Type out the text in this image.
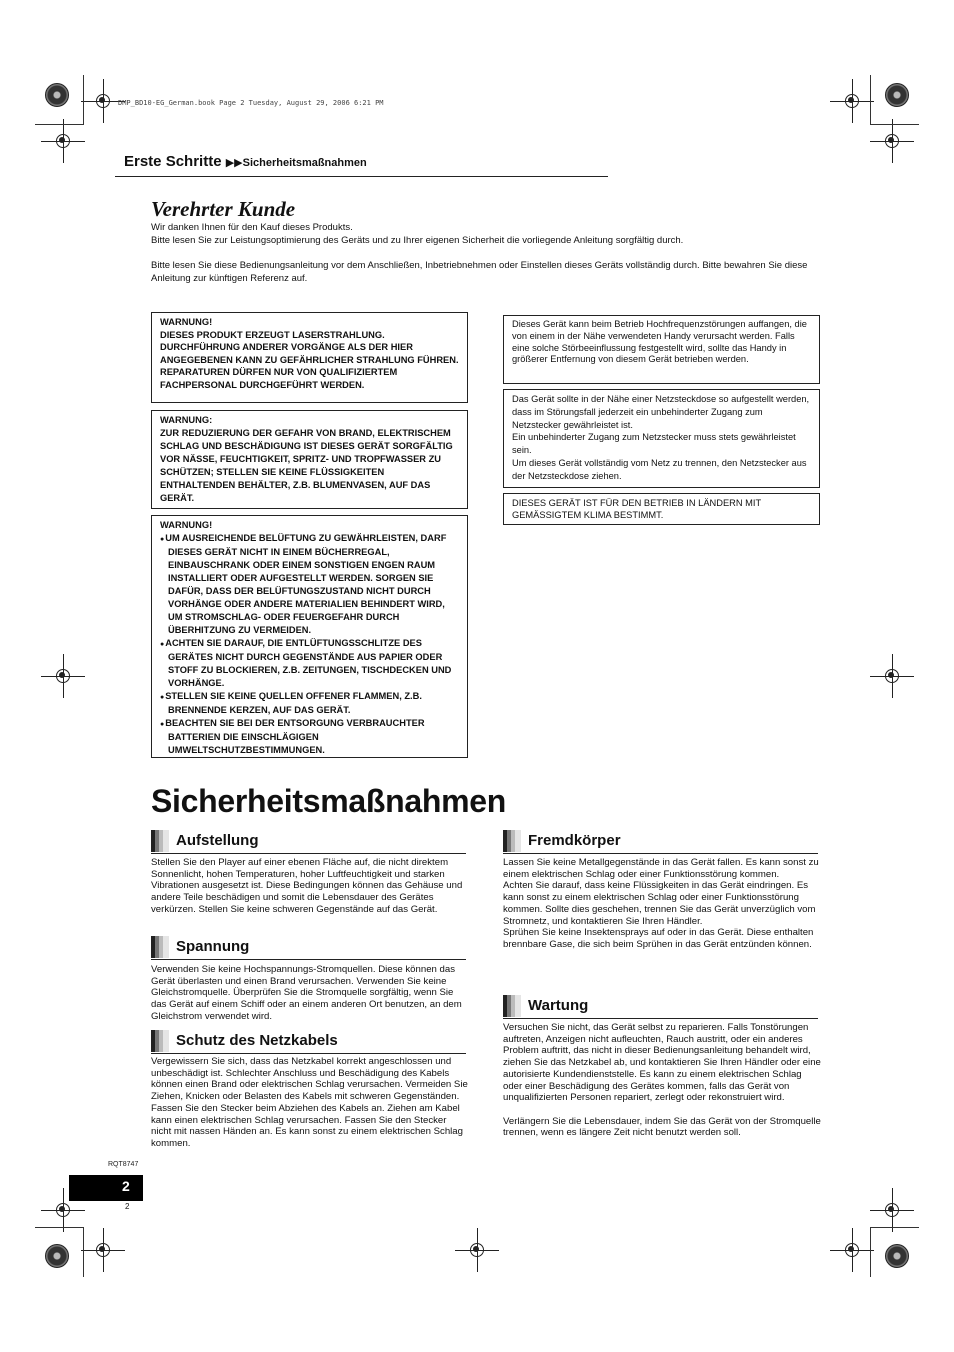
DMP_BD10-EG_German.book Page 2 Tuesday, August 29, 2006 6:21 PM
Erste Schritte ▶▶Sicherheitsmaßnahmen
Verehrter Kunde

Wir danken Ihnen für den Kauf dieses Produkts.

Bitte lesen Sie zur Leistungsoptimierung des Geräts und zu Ihrer eigenen Sicherheit die vorliegende Anleitung sorgfältig durch.

Bitte lesen Sie diese Bedienungsanleitung vor dem Anschließen, Inbetriebnehmen oder Einstellen dieses Geräts vollständig durch. Bitte bewahren Sie diese Anleitung zur künftigen Referenz auf.

WARNUNG!

DIESES PRODUKT ERZEUGT LASERSTRAHLUNG.

DURCHFÜHRUNG ANDERER VORGÄNGE ALS DER HIER ANGEGEBENEN KANN ZU GEFÄHRLICHER STRAHLUNG FÜHREN.

REPARATUREN DÜRFEN NUR VON QUALIFIZIERTEM FACHPERSONAL DURCHGEFÜHRT WERDEN.

WARNUNG:

ZUR REDUZIERUNG DER GEFAHR VON BRAND, ELEKTRISCHEM SCHLAG UND BESCHÄDIGUNG IST DIESES GERÄT SORGFÄLTIG VOR NÄSSE, FEUCHTIGKEIT, SPRITZ- UND TROPFWASSER ZU SCHÜTZEN; STELLEN SIE KEINE FLÜSSIGKEITEN ENTHALTENDEN BEHÄLTER, Z.B. BLUMENVASEN, AUF DAS GERÄT.

WARNUNG!
● UM AUSREICHENDE BELÜFTUNG ZU GEWÄHRLEISTEN, DARF DIESES GERÄT NICHT IN EINEM BÜCHERREGAL, EINBAUSCHRANK ODER EINEM SONSTIGEN ENGEN RAUM INSTALLIERT ODER AUFGESTELLT WERDEN. SORGEN SIE DAFÜR, DASS DER BELÜFTUNGSZUSTAND NICHT DURCH VORHÄNGE ODER ANDERE MATERIALIEN BEHINDERT WIRD, UM STROMSCHLAG- ODER FEUERGEFAHR DURCH ÜBERHITZUNG ZU VERMEIDEN.
● ACHTEN SIE DARAUF, DIE ENTLÜFTUNGSSCHLITZE DES GERÄTES NICHT DURCH GEGENSTÄNDE AUS PAPIER ODER STOFF ZU BLOCKIEREN, Z.B. ZEITUNGEN, TISCHDECKEN UND VORHÄNGE.
● STELLEN SIE KEINE QUELLEN OFFENER FLAMMEN, Z.B. BRENNENDE KERZEN, AUF DAS GERÄT.
● BEACHTEN SIE BEI DER ENTSORGUNG VERBRAUCHTER BATTERIEN DIE EINSCHLÄGIGEN UMWELTSCHUTZBESTIMMUNGEN.

Dieses Gerät kann beim Betrieb Hochfrequenzstörungen auffangen, die von einem in der Nähe verwendeten Handy verursacht werden. Falls eine solche Störbeeinflussung festgestellt wird, sollte das Handy in größerer Entfernung von diesem Gerät betrieben werden.

Das Gerät sollte in der Nähe einer Netzsteckdose so aufgestellt werden, dass im Störungsfall jederzeit ein unbehinderter Zugang zum Netzstecker gewährleistet ist.

Ein unbehinderter Zugang zum Netzstecker muss stets gewährleistet sein.

Um dieses Gerät vollständig vom Netz zu trennen, den Netzstecker aus der Netzsteckdose ziehen.

DIESES GERÄT IST FÜR DEN BETRIEB IN LÄNDERN MIT GEMÄSSIGTEM KLIMA BESTIMMT.

Sicherheitsmaßnahmen
Aufstellung

Stellen Sie den Player auf einer ebenen Fläche auf, die nicht direktem Sonnenlicht, hohen Temperaturen, hoher Luftfeuchtigkeit und starken Vibrationen ausgesetzt ist. Diese Bedingungen können das Gehäuse und andere Teile beschädigen und somit die Lebensdauer des Gerätes verkürzen. Stellen Sie keine schweren Gegenstände auf das Gerät.

Spannung

Verwenden Sie keine Hochspannungs-Stromquellen. Diese können das Gerät überlasten und einen Brand verursachen. Verwenden Sie keine Gleichstromquelle. Überprüfen Sie die Stromquelle sorgfältig, wenn Sie das Gerät auf einem Schiff oder an einem anderen Ort benutzen, an dem Gleichstrom verwendet wird.

Schutz des Netzkabels

Vergewissern Sie sich, dass das Netzkabel korrekt angeschlossen und unbeschädigt ist. Schlechter Anschluss und Beschädigung des Kabels können einen Brand oder elektrischen Schlag verursachen. Vermeiden Sie Ziehen, Knicken oder Belasten des Kabels mit schweren Gegenständen.

Fassen Sie den Stecker beim Abziehen des Kabels an. Ziehen am Kabel kann einen elektrischen Schlag verursachen. Fassen Sie den Stecker nicht mit nassen Händen an. Es kann sonst zu einem elektrischen Schlag kommen.

Fremdkörper

Lassen Sie keine Metallgegenstände in das Gerät fallen. Es kann sonst zu einem elektrischen Schlag oder einer Funktionsstörung kommen.

Achten Sie darauf, dass keine Flüssigkeiten in das Gerät eindringen. Es kann sonst zu einem elektrischen Schlag oder einer Funktionsstörung kommen. Sollte dies geschehen, trennen Sie das Gerät unverzüglich vom Stromnetz, und kontaktieren Sie Ihren Händler.

Sprühen Sie keine Insektensprays auf oder in das Gerät. Diese enthalten brennbare Gase, die sich beim Sprühen in das Gerät entzünden können.

Wartung

Versuchen Sie nicht, das Gerät selbst zu reparieren. Falls Tonstörungen auftreten, Anzeigen nicht aufleuchten, Rauch austritt, oder ein anderes Problem auftritt, das nicht in dieser Bedienungsanleitung behandelt wird, ziehen Sie das Netzkabel ab, und kontaktieren Sie Ihren Händler oder eine autorisierte Kundendienststelle. Es kann zu einem elektrischen Schlag oder einer Beschädigung des Gerätes kommen, falls das Gerät von unqualifizierten Personen repariert, zerlegt oder rekonstruiert wird.

Verlängern Sie die Lebensdauer, indem Sie das Gerät von der Stromquelle trennen, wenn es längere Zeit nicht benutzt werden soll.

RQT8747
2
2
